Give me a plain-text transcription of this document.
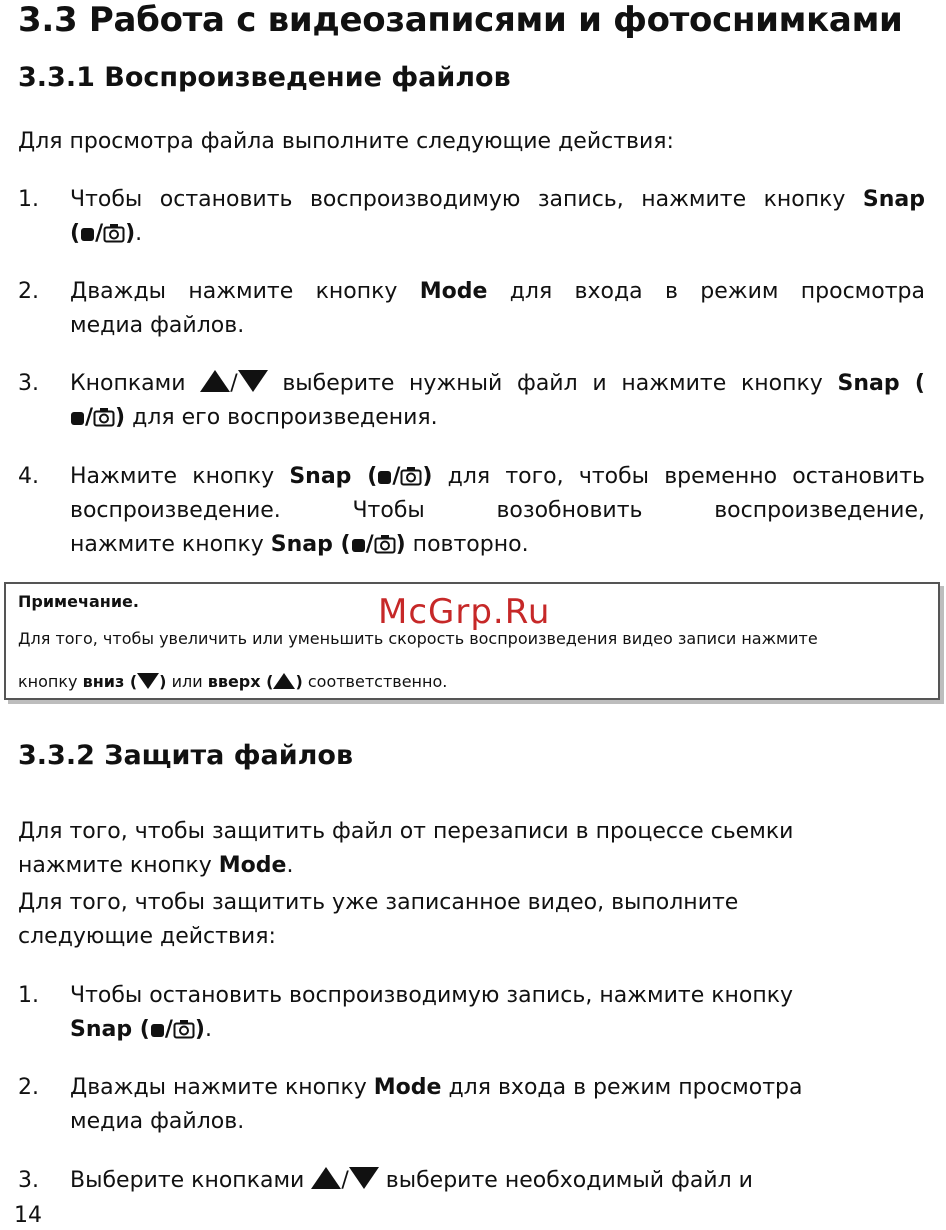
3.3 Работа с видеозаписями и фотоснимками
3.3.1 Воспроизведение файлов
Для просмотра файла выполните следующие действия:
1. Чтобы остановить воспроизводимую запись, нажмите кнопку Snap
( / ).
2. Дважды нажмите кнопку Mode для входа в режим просмотра
медиа файлов.
3. Кнопками / выберите нужный файл и нажмите кнопку Snap (
/ ) для его воспроизведения.
4. Нажмите кнопку Snap ( / ) для того, чтобы временно остановить
воспроизведение. Чтобы возобновить воспроизведение,
нажмите кнопку Snap ( / ) повторно.
Примечание.
Для того, чтобы увеличить или уменьшить скорость воспроизведения видео записи нажмите
кнопку вниз ( ) или вверх ( ) соответственно.
McGrp.Ru
3.3.2 Защита файлов
Для того, чтобы защитить файл от перезаписи в процессе сьемки
нажмите кнопку Mode.
Для того, чтобы защитить уже записанное видео, выполните
следующие действия:
1. Чтобы остановить воспроизводимую запись, нажмите кнопку
Snap ( / ).
2. Дважды нажмите кнопку Mode для входа в режим просмотра
медиа файлов.
3. Выберите кнопками / выберите необходимый файл и
14
